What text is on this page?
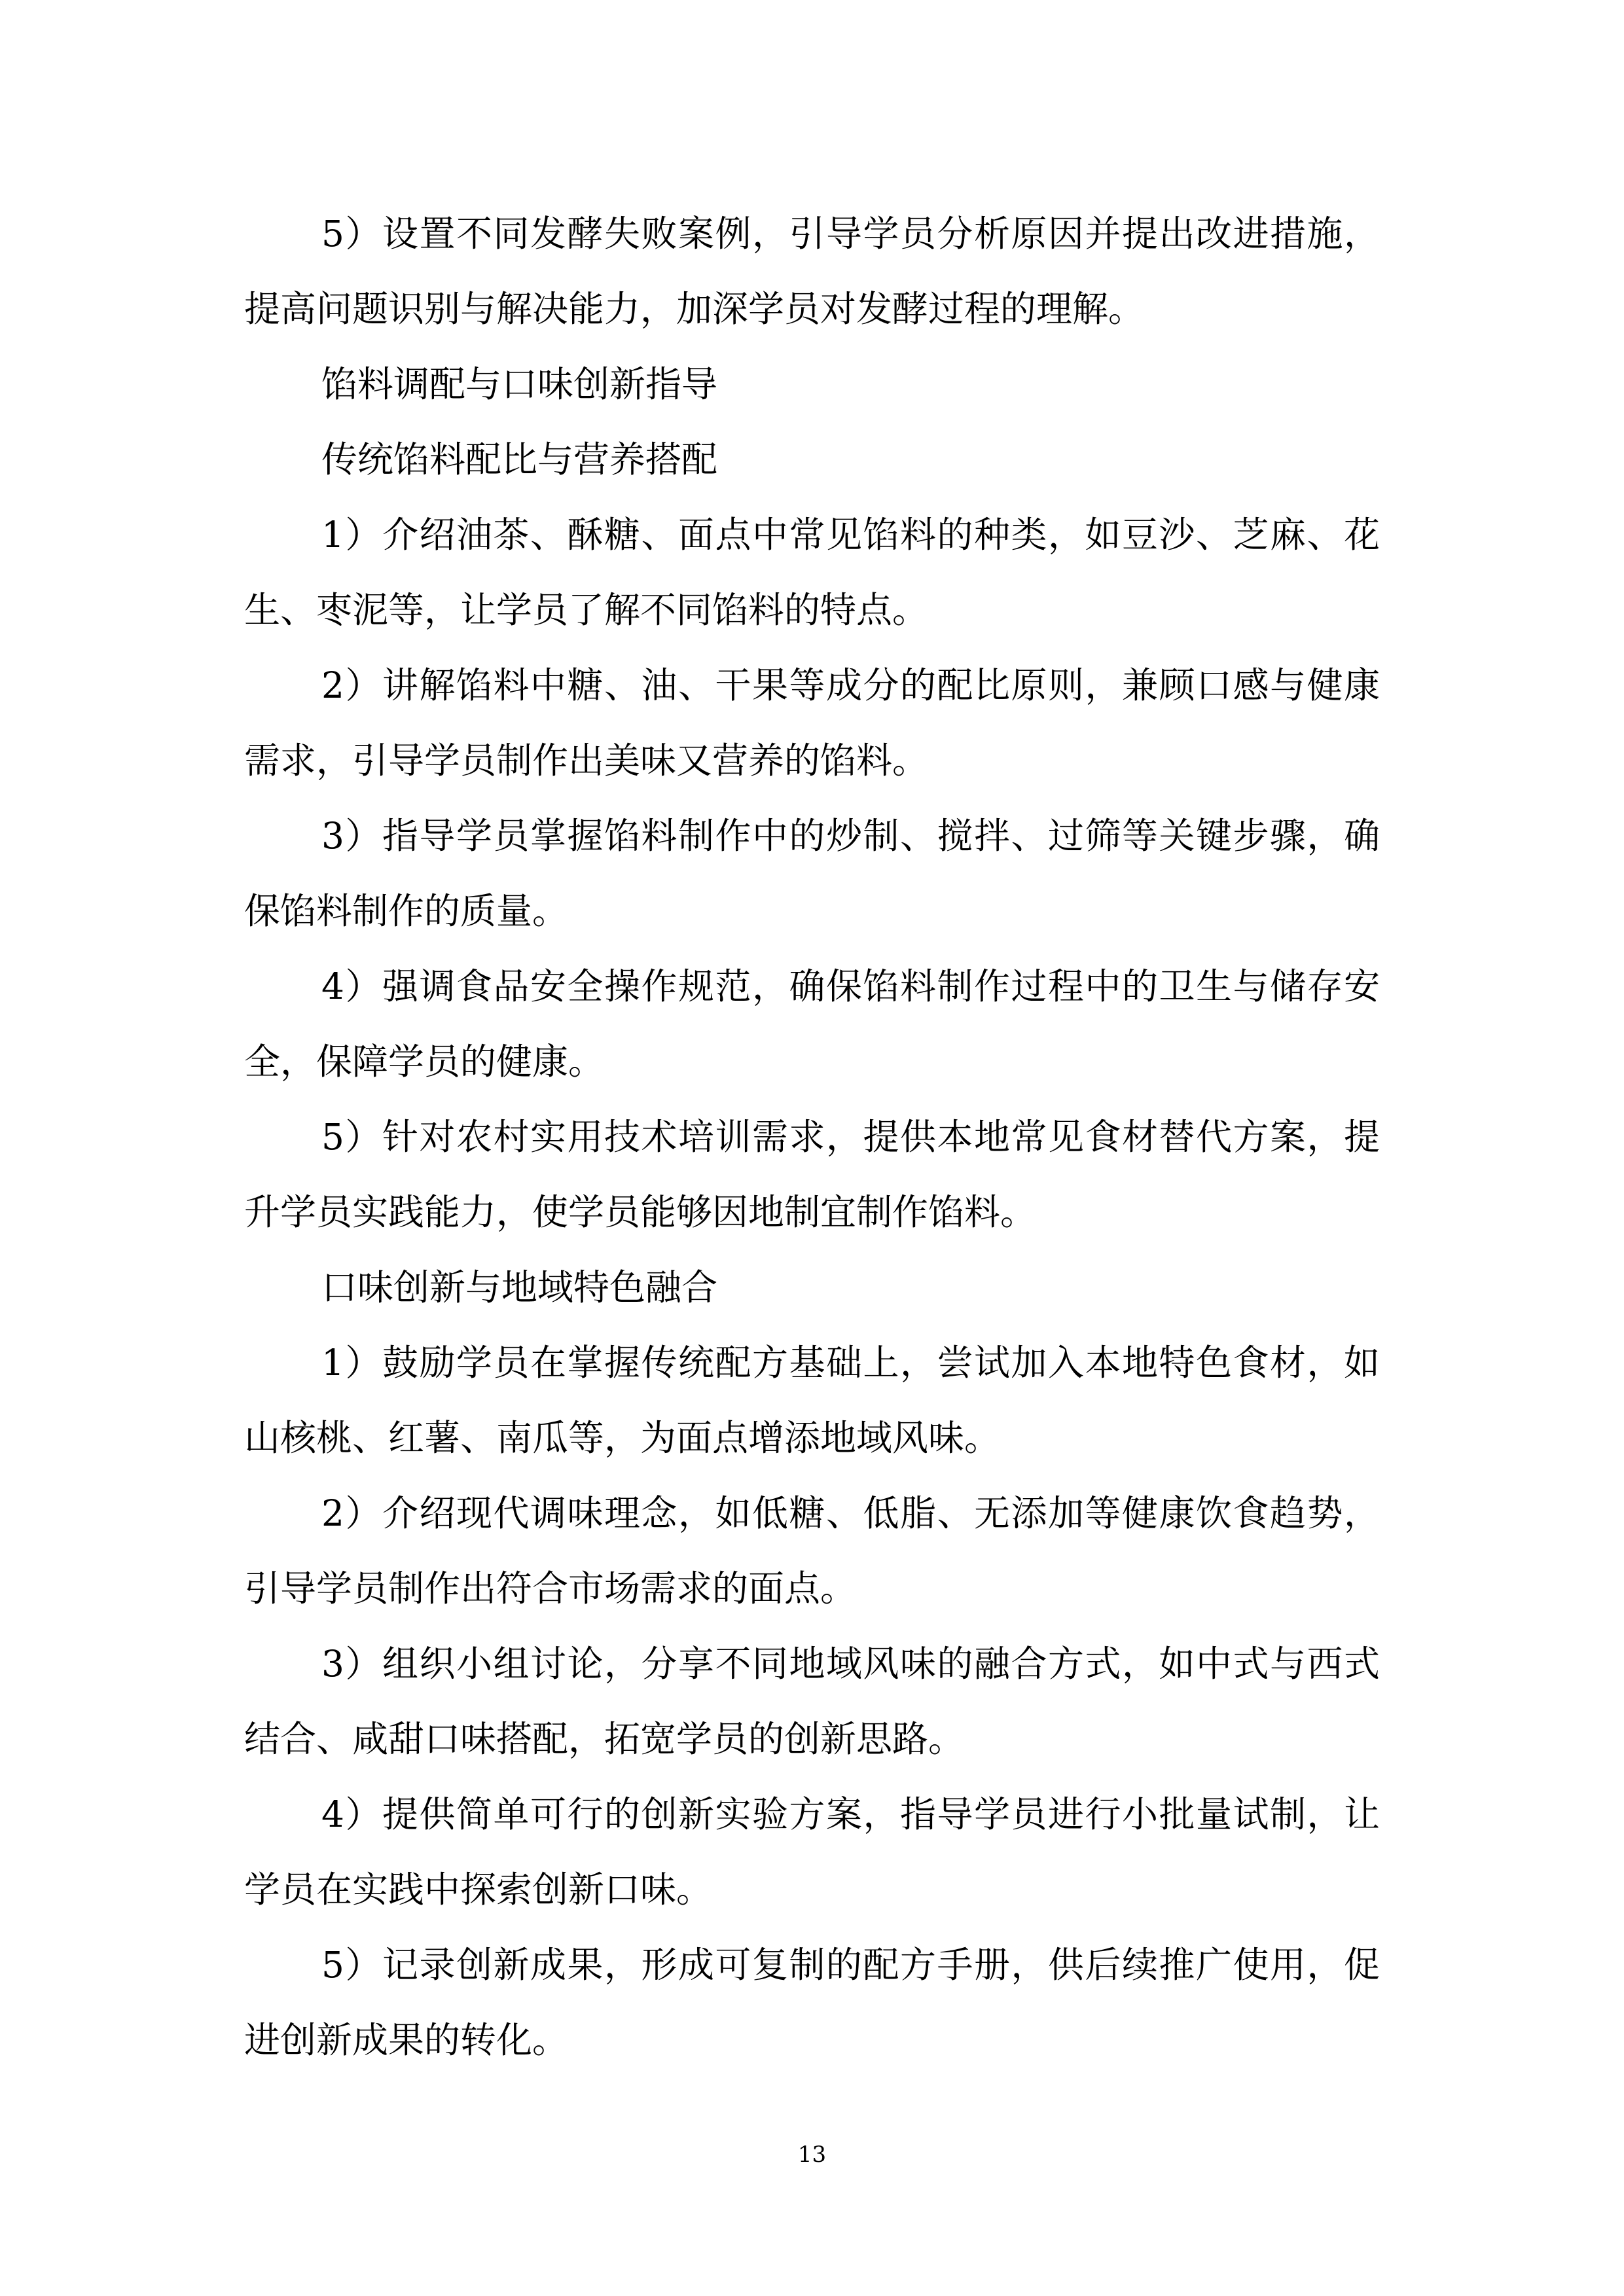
5）设置不同发酵失败案例，引导学员分析原因并提出改进措施，提高问题识别与解决能力，加深学员对发酵过程的理解。

馅料调配与口味创新指导

传统馅料配比与营养搭配

1）介绍油茶、酥糖、面点中常见馅料的种类，如豆沙、芝麻、花生、枣泥等，让学员了解不同馅料的特点。

2）讲解馅料中糖、油、干果等成分的配比原则，兼顾口感与健康需求，引导学员制作出美味又营养的馅料。

3）指导学员掌握馅料制作中的炒制、搅拌、过筛等关键步骤，确保馅料制作的质量。

4）强调食品安全操作规范，确保馅料制作过程中的卫生与储存安全，保障学员的健康。

5）针对农村实用技术培训需求，提供本地常见食材替代方案，提升学员实践能力，使学员能够因地制宜制作馅料。

口味创新与地域特色融合

1）鼓励学员在掌握传统配方基础上，尝试加入本地特色食材，如山核桃、红薯、南瓜等，为面点增添地域风味。

2）介绍现代调味理念，如低糖、低脂、无添加等健康饮食趋势，引导学员制作出符合市场需求的面点。

3）组织小组讨论，分享不同地域风味的融合方式，如中式与西式结合、咸甜口味搭配，拓宽学员的创新思路。

4）提供简单可行的创新实验方案，指导学员进行小批量试制，让学员在实践中探索创新口味。

5）记录创新成果，形成可复制的配方手册，供后续推广使用，促进创新成果的转化。

13
